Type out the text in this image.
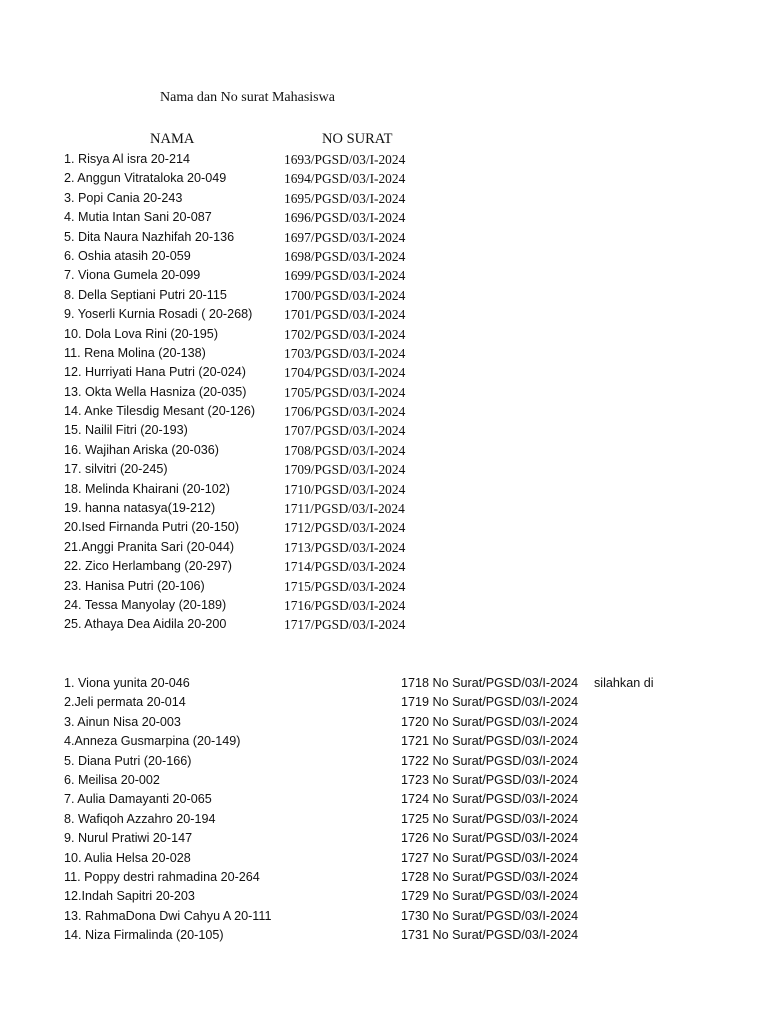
Nama dan No surat Mahasiswa
NAMA	NO SURAT
1. Risya Al isra 20-214	1693/PGSD/03/I-2024
2. Anggun Vitrataloka 20-049	1694/PGSD/03/I-2024
3. Popi Cania 20-243	1695/PGSD/03/I-2024
4. Mutia Intan Sani 20-087	1696/PGSD/03/I-2024
5. Dita Naura Nazhifah 20-136	1697/PGSD/03/I-2024
6. Oshia atasih 20-059	1698/PGSD/03/I-2024
7. Viona Gumela 20-099	1699/PGSD/03/I-2024
8. Della Septiani Putri 20-115	1700/PGSD/03/I-2024
9. Yoserli Kurnia Rosadi ( 20-268) 1701/PGSD/03/I-2024
10. Dola Lova Rini (20-195)	1702/PGSD/03/I-2024
11. Rena Molina (20-138)	1703/PGSD/03/I-2024
12. Hurriyati Hana Putri (20-024)	1704/PGSD/03/I-2024
13. Okta Wella Hasniza (20-035)	1705/PGSD/03/I-2024
14. Anke Tilesdig Mesant (20-126) 1706/PGSD/03/I-2024
15. Nailil Fitri (20-193)	1707/PGSD/03/I-2024
16. Wajihan Ariska (20-036)	1708/PGSD/03/I-2024
17. silvitri (20-245)	1709/PGSD/03/I-2024
18. Melinda Khairani (20-102)	1710/PGSD/03/I-2024
19. hanna natasya(19-212)	1711/PGSD/03/I-2024
20.Ised Firnanda Putri (20-150)	1712/PGSD/03/I-2024
21.Anggi Pranita Sari (20-044)	1713/PGSD/03/I-2024
22. Zico Herlambang (20-297)	1714/PGSD/03/I-2024
23. Hanisa Putri (20-106)	1715/PGSD/03/I-2024
24. Tessa Manyolay (20-189)	1716/PGSD/03/I-2024
25. Athaya Dea Aidila 20-200	1717/PGSD/03/I-2024
1. Viona yunita 20-046	1718 No Surat/PGSD/03/I-2024
2.Jeli permata 20-014	1719 No Surat/PGSD/03/I-2024
3. Ainun Nisa 20-003	1720 No Surat/PGSD/03/I-2024
4.Anneza Gusmarpina (20-149)	1721 No Surat/PGSD/03/I-2024
5. Diana Putri (20-166)	1722 No Surat/PGSD/03/I-2024
6. Meilisa 20-002	1723 No Surat/PGSD/03/I-2024
7. Aulia Damayanti 20-065	1724 No Surat/PGSD/03/I-2024
8. Wafiqoh Azzahro 20-194	1725 No Surat/PGSD/03/I-2024
9. Nurul Pratiwi 20-147	1726 No Surat/PGSD/03/I-2024
10. Aulia Helsa 20-028	1727 No Surat/PGSD/03/I-2024
11. Poppy destri rahmadina 20-264	1728 No Surat/PGSD/03/I-2024
12.Indah Sapitri 20-203	1729 No Surat/PGSD/03/I-2024
13. RahmaDona Dwi Cahyu A 20-111	1730 No Surat/PGSD/03/I-2024
14. Niza Firmalinda (20-105)	1731 No Surat/PGSD/03/I-2024
silahkan di
